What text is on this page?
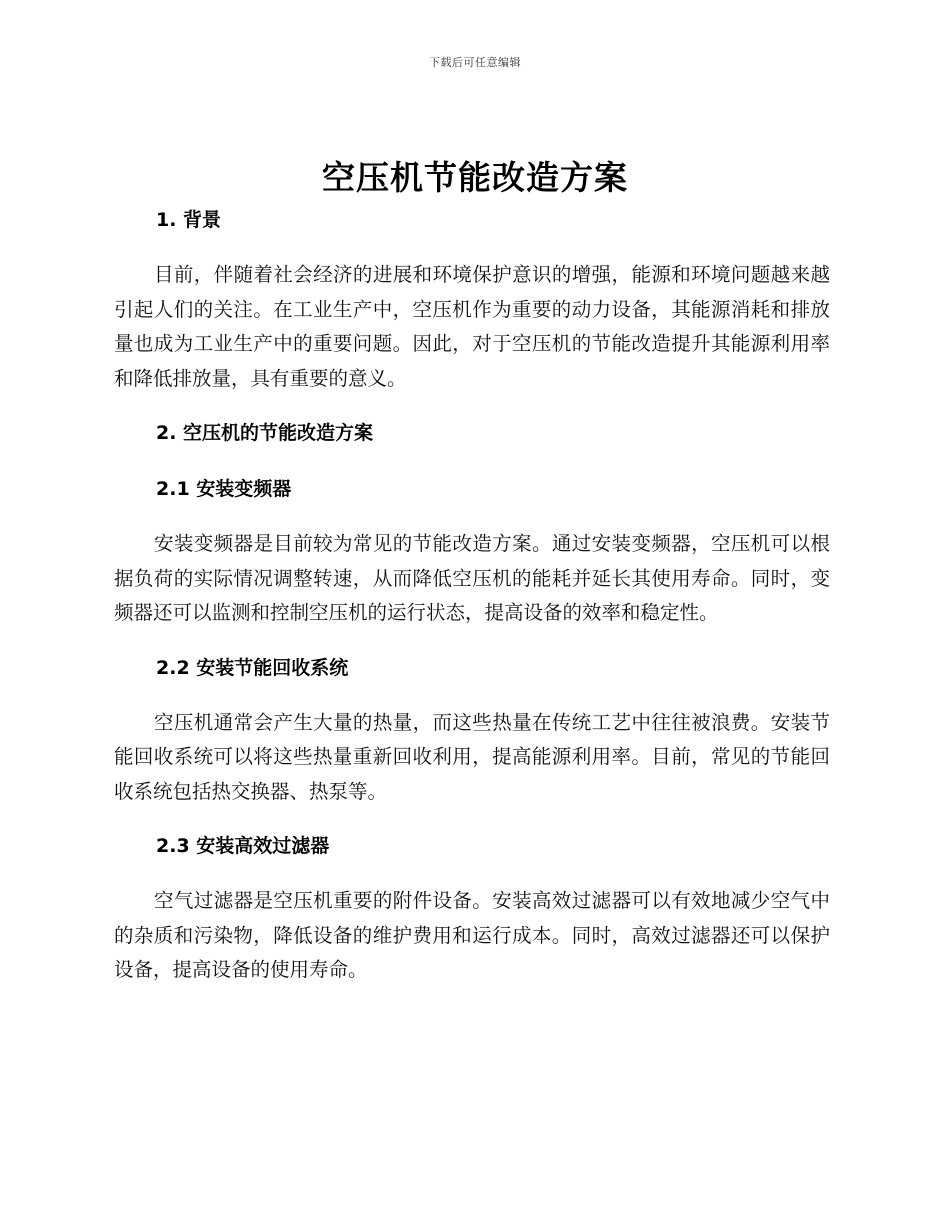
下载后可任意编辑
空压机节能改造方案
1. 背景

目前，伴随着社会经济的进展和环境保护意识的增强，能源和环境问题越来越引起人们的关注。在工业生产中，空压机作为重要的动力设备，其能源消耗和排放量也成为工业生产中的重要问题。因此，对于空压机的节能改造提升其能源利用率和降低排放量，具有重要的意义。

2. 空压机的节能改造方案
2.1 安装变频器

安装变频器是目前较为常见的节能改造方案。通过安装变频器，空压机可以根据负荷的实际情况调整转速，从而降低空压机的能耗并延长其使用寿命。同时，变频器还可以监测和控制空压机的运行状态，提高设备的效率和稳定性。

2.2 安装节能回收系统

空压机通常会产生大量的热量，而这些热量在传统工艺中往往被浪费。安装节能回收系统可以将这些热量重新回收利用，提高能源利用率。目前，常见的节能回收系统包括热交换器、热泵等。

2.3 安装高效过滤器

空气过滤器是空压机重要的附件设备。安装高效过滤器可以有效地减少空气中的杂质和污染物，降低设备的维护费用和运行成本。同时，高效过滤器还可以保护设备，提高设备的使用寿命。
